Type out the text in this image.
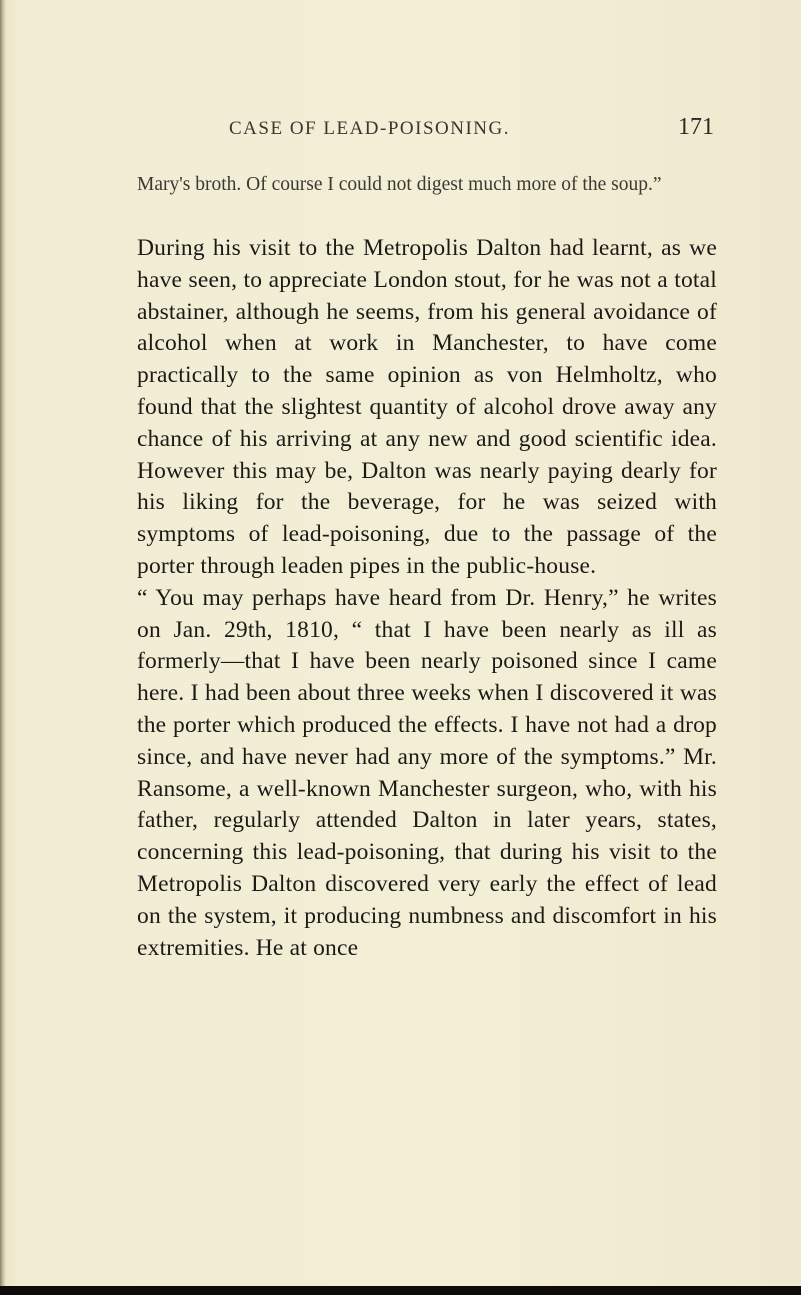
CASE OF LEAD-POISONING.	171
Mary's broth. Of course I could not digest much more of the soup.”

During his visit to the Metropolis Dalton had learnt, as we have seen, to appreciate London stout, for he was not a total abstainer, although he seems, from his general avoidance of alcohol when at work in Manchester, to have come practically to the same opinion as von Helmholtz, who found that the slightest quantity of alcohol drove away any chance of his arriving at any new and good scientific idea. However this may be, Dalton was nearly paying dearly for his liking for the beverage, for he was seized with symptoms of lead-poisoning, due to the passage of the porter through leaden pipes in the public-house.

“ You may perhaps have heard from Dr. Henry,” he writes on Jan. 29th, 1810, “ that I have been nearly as ill as formerly—that I have been nearly poisoned since I came here. I had been about three weeks when I discovered it was the porter which produced the effects. I have not had a drop since, and have never had any more of the symptoms.” Mr. Ransome, a well-known Manchester surgeon, who, with his father, regularly attended Dalton in later years, states, concerning this lead-poisoning, that during his visit to the Metropolis Dalton discovered very early the effect of lead on the system, it producing numbness and discomfort in his extremities. He at once
